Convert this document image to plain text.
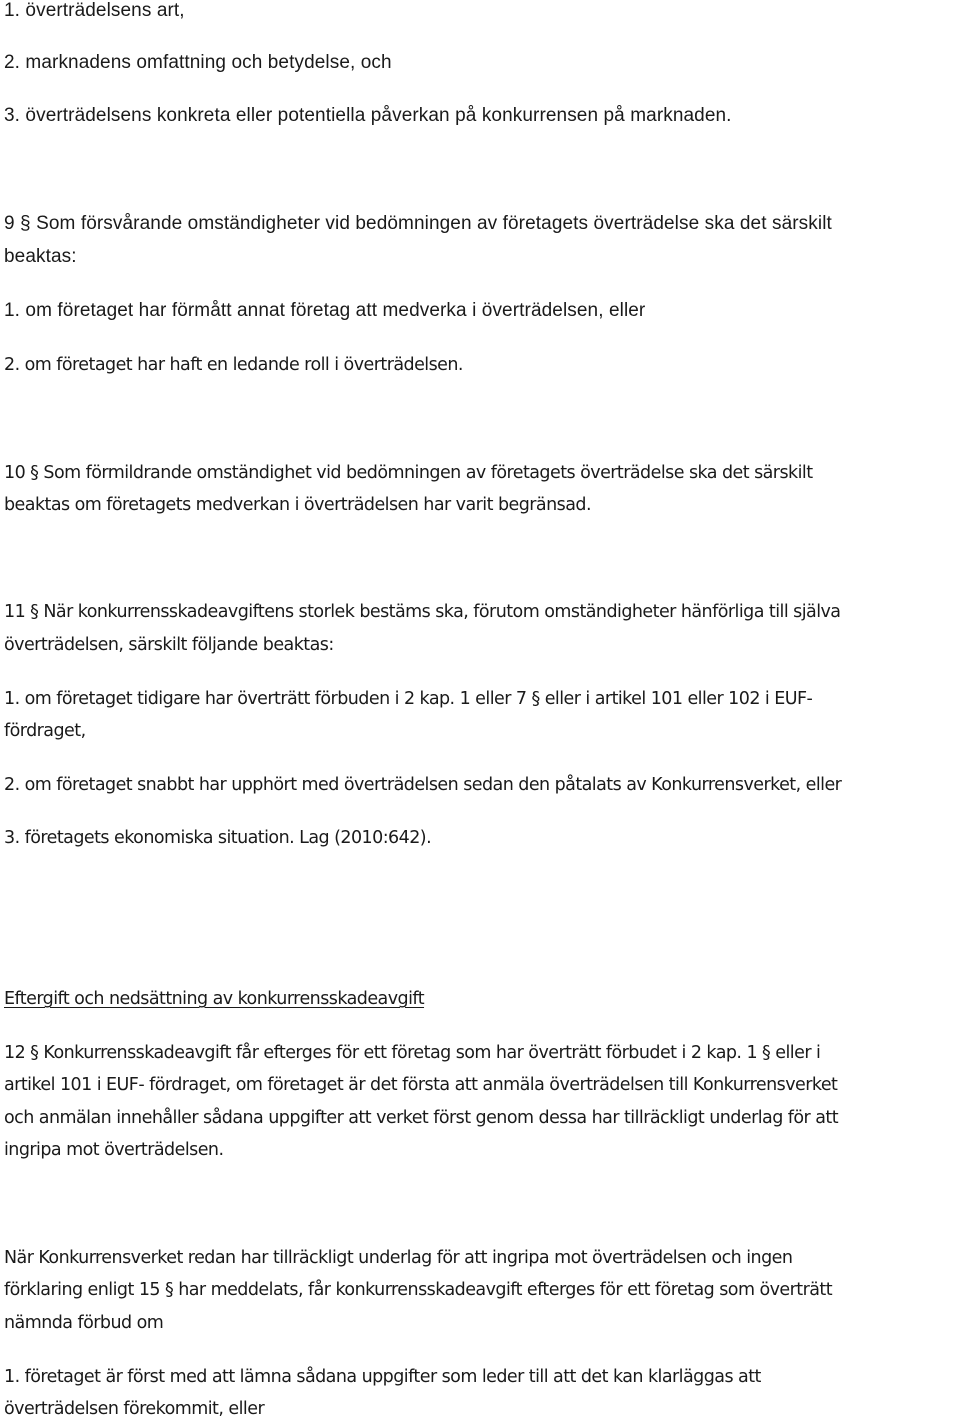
1. överträdelsens art,
2. marknadens omfattning och betydelse, och
3. överträdelsens konkreta eller potentiella påverkan på konkurrensen på marknaden.
9 § Som försvårande omständigheter vid bedömningen av företagets överträdelse ska det särskilt
beaktas:
1. om företaget har förmått annat företag att medverka i överträdelsen, eller
2. om företaget har haft en ledande roll i överträdelsen.
10 § Som förmildrande omständighet vid bedömningen av företagets överträdelse ska det särskilt
beaktas om företagets medverkan i överträdelsen har varit begränsad.
11 § När konkurrensskadeavgiftens storlek bestäms ska, förutom omständigheter hänförliga till själva
överträdelsen, särskilt följande beaktas:
1. om företaget tidigare har överträtt förbuden i 2 kap. 1 eller 7 § eller i artikel 101 eller 102 i EUF-
fördraget,
2. om företaget snabbt har upphört med överträdelsen sedan den påtalats av Konkurrensverket, eller
3. företagets ekonomiska situation. Lag (2010:642).
Eftergift och nedsättning av konkurrensskadeavgift
12 § Konkurrensskadeavgift får efterges för ett företag som har överträtt förbudet i 2 kap. 1 § eller i
artikel 101 i EUF- fördraget, om företaget är det första att anmäla överträdelsen till Konkurrensverket
och anmälan innehåller sådana uppgifter att verket först genom dessa har tillräckligt underlag för att
ingripa mot överträdelsen.
När Konkurrensverket redan har tillräckligt underlag för att ingripa mot överträdelsen och ingen
förklaring enligt 15 § har meddelats, får konkurrensskadeavgift efterges för ett företag som överträtt
nämnda förbud om
1. företaget är först med att lämna sådana uppgifter som leder till att det kan klarläggas att
överträdelsen förekommit, eller
